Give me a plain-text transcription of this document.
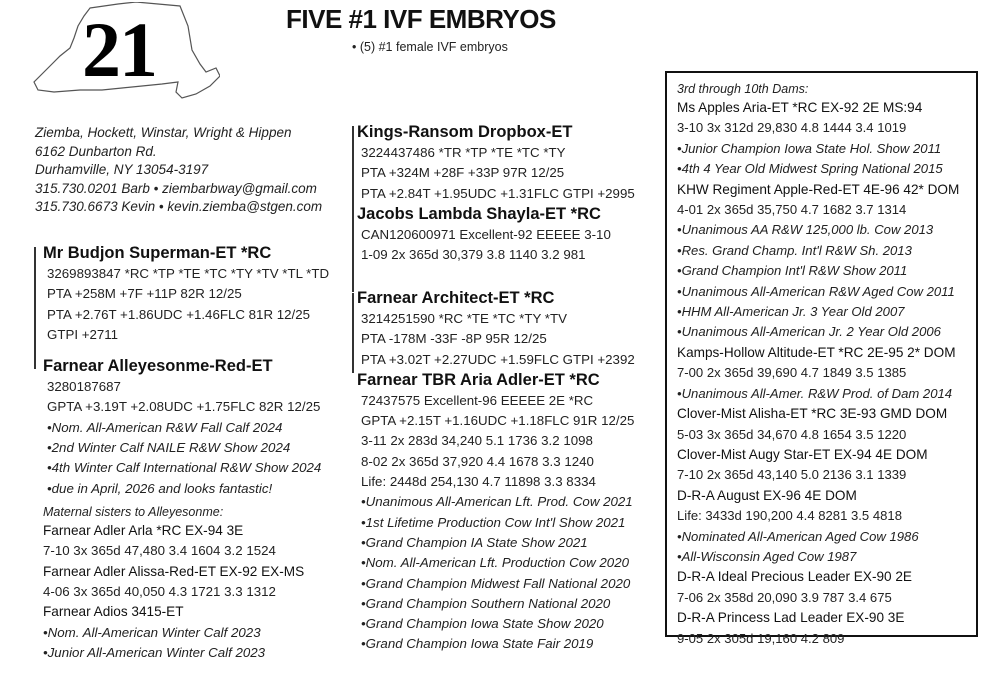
21	FIVE #1 IVF EMBRYOS
• (5) #1 female IVF embryos
Ziemba, Hockett, Winstar, Wright & Hippen
6162 Dunbarton Rd.
Durhamville, NY 13054-3197
315.730.0201 Barb • ziembarbway@gmail.com
315.730.6673 Kevin • kevin.ziemba@stgen.com
Mr Budjon Superman-ET *RC
3269893847 *RC *TP *TE *TC *TY *TV *TL *TD
PTA +258M +7F +11P 82R 12/25
PTA +2.76T +1.86UDC +1.46FLC 81R 12/25
GTPI +2711
Farnear Alleyesonme-Red-ET
3280187687
GPTA +3.19T +2.08UDC +1.75FLC 82R 12/25
•Nom. All-American R&W Fall Calf 2024
•2nd Winter Calf NAILE R&W Show 2024
•4th Winter Calf International R&W Show 2024
•due in April, 2026 and looks fantastic!
Maternal sisters to Alleyesonme:
Farnear Adler Arla *RC EX-94 3E
7-10 3x 365d 47,480 3.4 1604 3.2 1524
Farnear Adler Alissa-Red-ET EX-92 EX-MS
4-06 3x 365d 40,050 4.3 1721 3.3 1312
Farnear Adios 3415-ET
•Nom. All-American Winter Calf 2023
•Junior All-American Winter Calf 2023
Kings-Ransom Dropbox-ET
3224437486 *TR *TP *TE *TC *TY
PTA +324M +28F +33P 97R 12/25
PTA +2.84T +1.95UDC +1.31FLC GTPI +2995
Jacobs Lambda Shayla-ET *RC
CAN120600971 Excellent-92 EEEEE 3-10
1-09 2x 365d 30,379 3.8 1140 3.2 981
Farnear Architect-ET *RC
3214251590 *RC *TE *TC *TY *TV
PTA -178M -33F -8P 95R 12/25
PTA +3.02T +2.27UDC +1.59FLC GTPI +2392
Farnear TBR Aria Adler-ET *RC
72437575 Excellent-96 EEEEE 2E *RC
GPTA +2.15T +1.16UDC +1.18FLC 91R 12/25
3-11 2x 283d 34,240 5.1 1736 3.2 1098
8-02 2x 365d 37,920 4.4 1678 3.3 1240
Life: 2448d 254,130 4.7 11898 3.3 8334
•Unanimous All-American Lft. Prod. Cow 2021
•1st Lifetime Production Cow Int'l Show 2021
•Grand Champion IA State Show 2021
•Nom. All-American Lft. Production Cow 2020
•Grand Champion Midwest Fall National 2020
•Grand Champion Southern National 2020
•Grand Champion Iowa State Show 2020
•Grand Champion Iowa State Fair 2019
3rd through 10th Dams:
Ms Apples Aria-ET *RC EX-92 2E MS:94
3-10 3x 312d 29,830 4.8 1444 3.4 1019
•Junior Champion Iowa State Hol. Show 2011
•4th 4 Year Old Midwest Spring National 2015
KHW Regiment Apple-Red-ET 4E-96 42* DOM
4-01 2x 365d 35,750 4.7 1682 3.7 1314
•Unanimous AA R&W 125,000 lb. Cow 2013
•Res. Grand Champ. Int'l R&W Sh. 2013
•Grand Champion Int'l R&W Show 2011
•Unanimous All-American R&W Aged Cow 2011
•HHM All-American Jr. 3 Year Old 2007
•Unanimous All-American Jr. 2 Year Old 2006
Kamps-Hollow Altitude-ET *RC 2E-95 2* DOM
7-00 2x 365d 39,690 4.7 1849 3.5 1385
•Unanimous All-Amer. R&W Prod. of Dam 2014
Clover-Mist Alisha-ET *RC 3E-93 GMD DOM
5-03 3x 365d 34,670 4.8 1654 3.5 1220
Clover-Mist Augy Star-ET EX-94 4E DOM
7-10 2x 365d 43,140 5.0 2136 3.1 1339
D-R-A August EX-96 4E DOM
Life: 3433d 190,200 4.4 8281 3.5 4818
•Nominated All-American Aged Cow 1986
•All-Wisconsin Aged Cow 1987
D-R-A Ideal Precious Leader EX-90 2E
7-06 2x 358d 20,090 3.9 787 3.4 675
D-R-A Princess Lad Leader EX-90 3E
9-05 2x 305d 19,160 4.2 809
